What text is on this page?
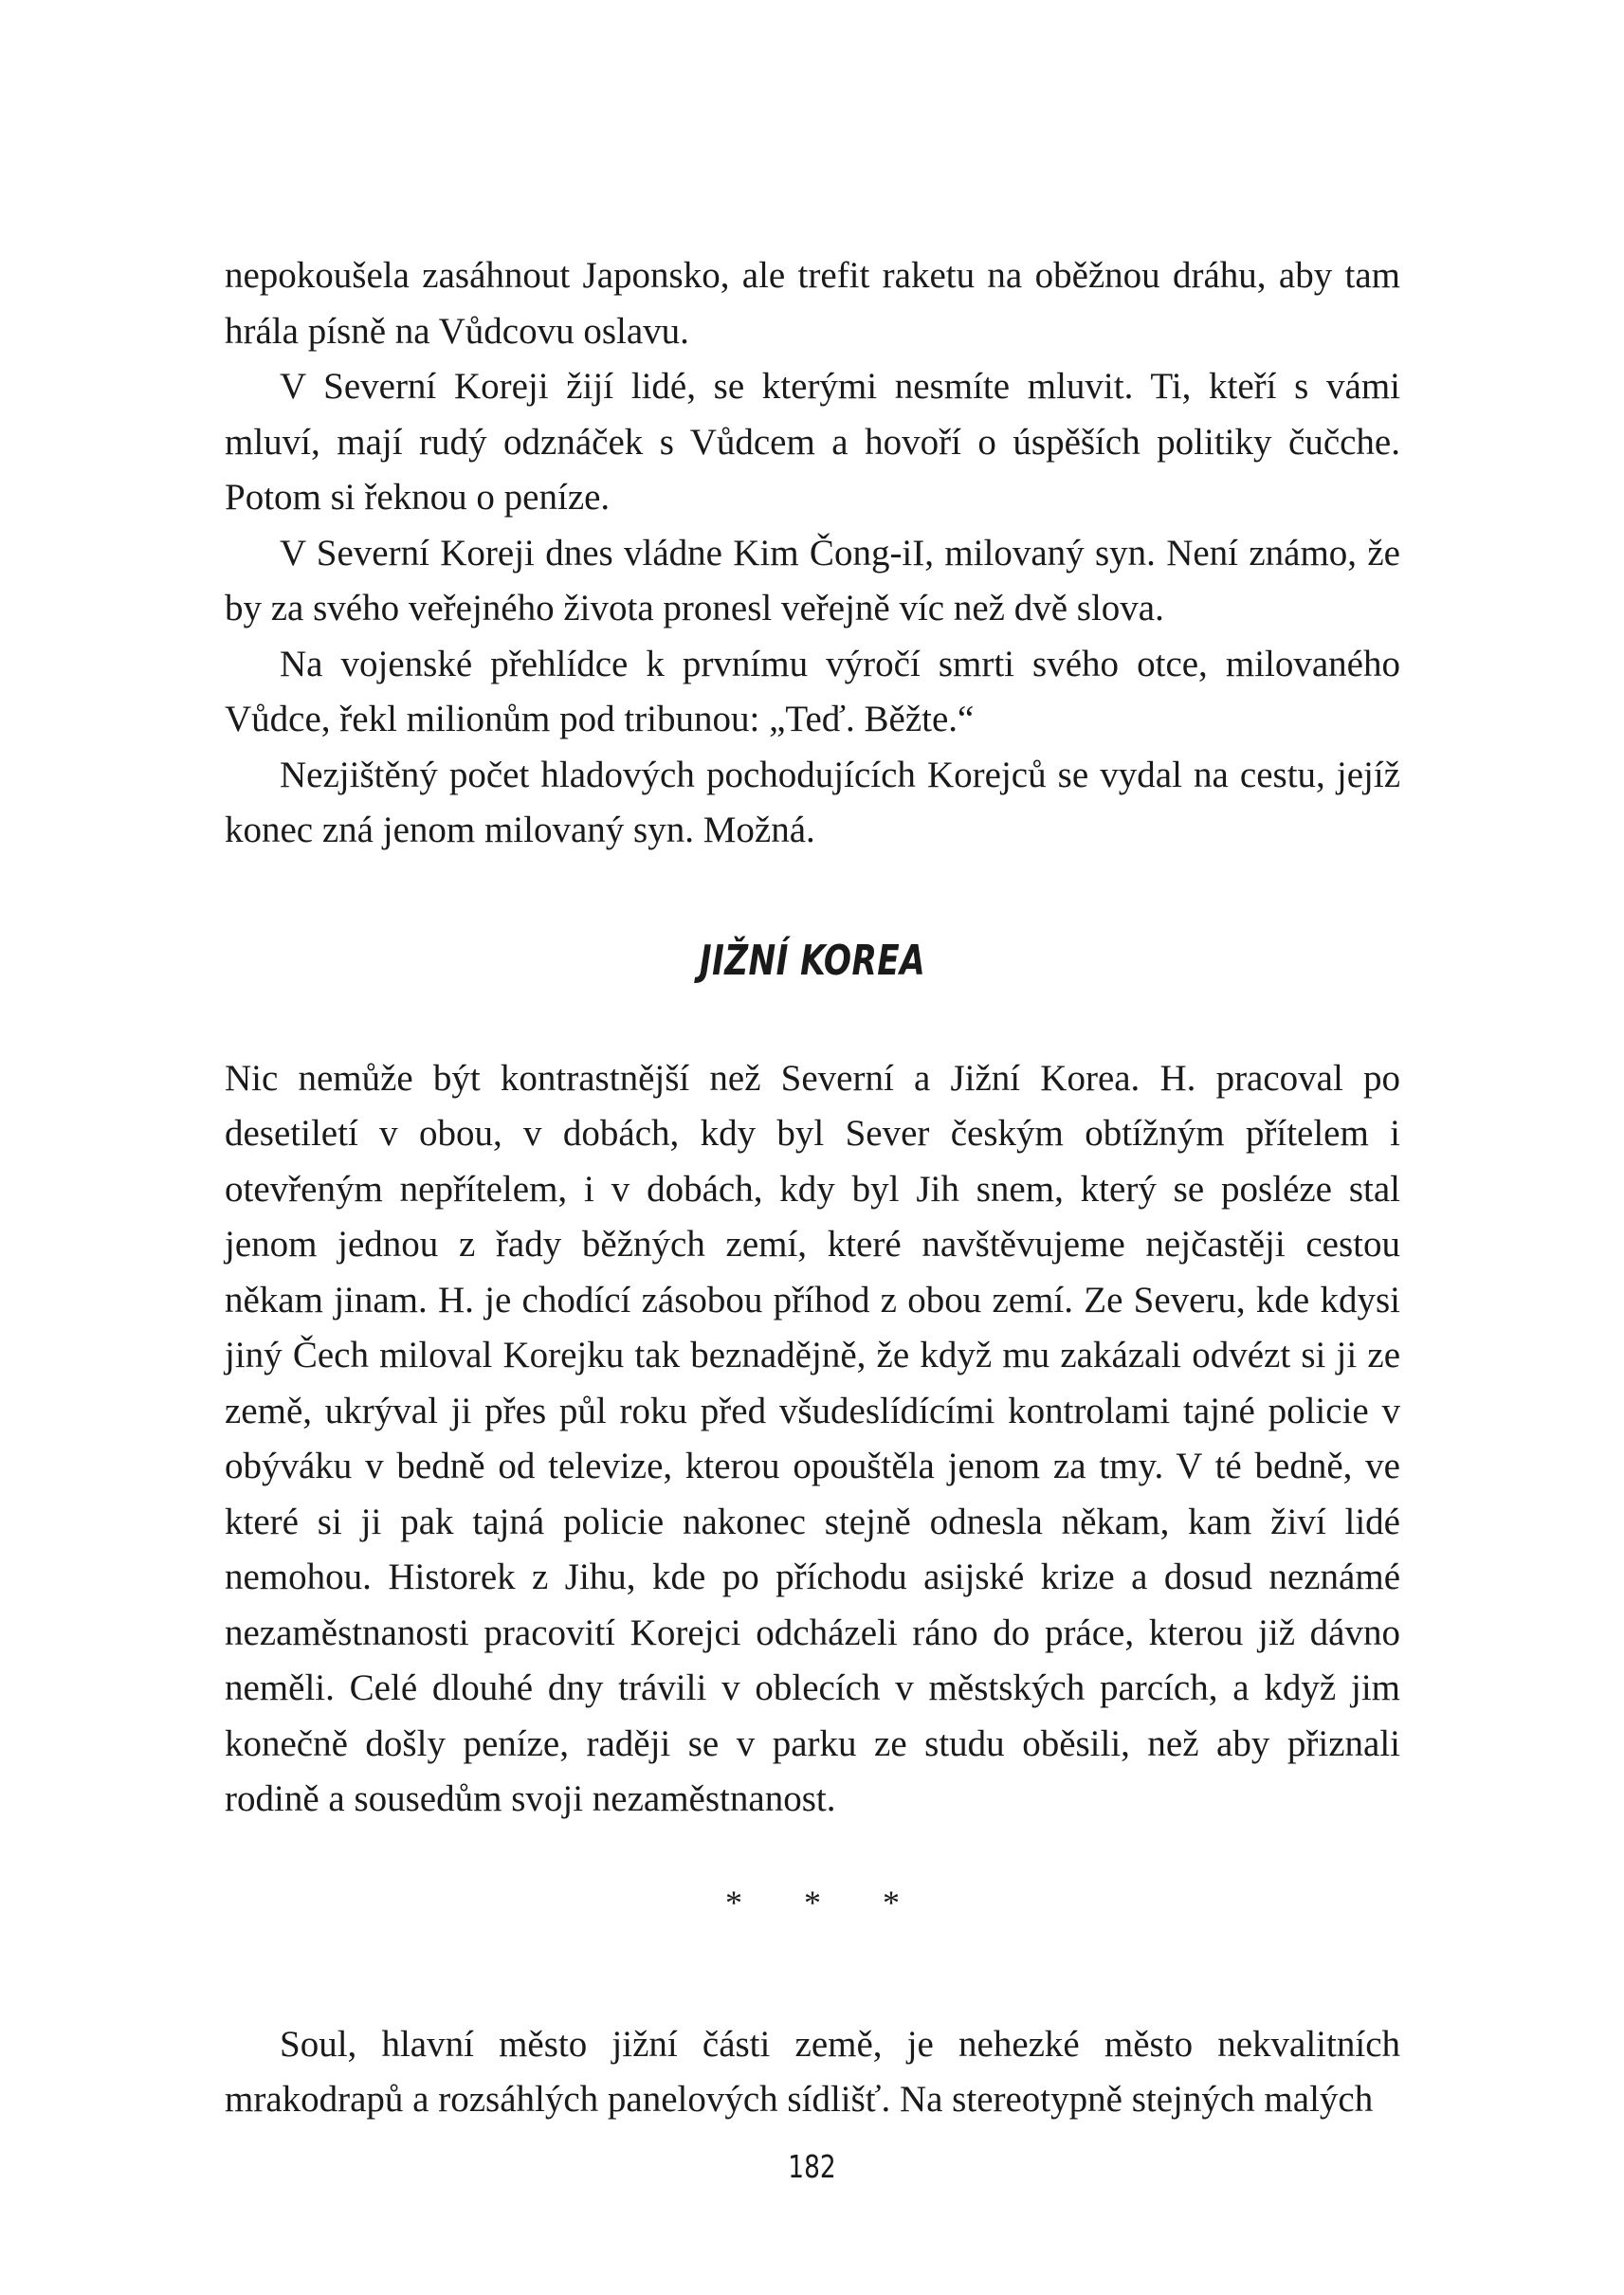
nepokoušela zasáhnout Japonsko, ale trefit raketu na oběžnou dráhu, aby tam hrála písně na Vůdcovu oslavu.

V Severní Koreji žijí lidé, se kterými nesmíte mluvit. Ti, kteří s vámi mluví, mají rudý odznáček s Vůdcem a hovoří o úspěších politiky čučche. Potom si řeknou o peníze.

V Severní Koreji dnes vládne Kim Čong-iI, milovaný syn. Není známo, že by za svého veřejného života pronesl veřejně víc než dvě slova.

Na vojenské přehlídce k prvnímu výročí smrti svého otce, milovaného Vůdce, řekl milionům pod tribunou: „Teď. Běžte.“

Nezjištěný počet hladových pochodujících Korejců se vydal na cestu, jejíž konec zná jenom milovaný syn. Možná.

JIŽNÍ KOREA

Nic nemůže být kontrastnější než Severní a Jižní Korea. H. pracoval po desetiletí v obou, v dobách, kdy byl Sever českým obtížným přítelem i otevřeným nepřítelem, i v dobách, kdy byl Jih snem, který se posléze stal jenom jednou z řady běžných zemí, které navštěvujeme nejčastěji cestou někam jinam. H. je chodící zásobou příhod z obou zemí. Ze Severu, kde kdysi jiný Čech miloval Korejku tak beznadějně, že když mu zakázali odvézt si ji ze země, ukrýval ji přes půl roku před všudeslídícími kontrolami tajné policie v obýváku v bedně od televize, kterou opouštěla jenom za tmy. V té bedně, ve které si ji pak tajná policie nakonec stejně odnesla někam, kam živí lidé nemohou. Historek z Jihu, kde po příchodu asijské krize a dosud neznámé nezaměstnanosti pracovití Korejci odcházeli ráno do práce, kterou již dávno neměli. Celé dlouhé dny trávili v oblecích v městských parcích, a když jim konečně došly peníze, raději se v parku ze studu oběsili, než aby přiznali rodině a sousedům svoji nezaměstnanost.

* * *

Soul, hlavní město jižní části země, je nehezké město nekvalitních mrakodrapů a rozsáhlých panelových sídlišť. Na stereotypně stejných malých

182
